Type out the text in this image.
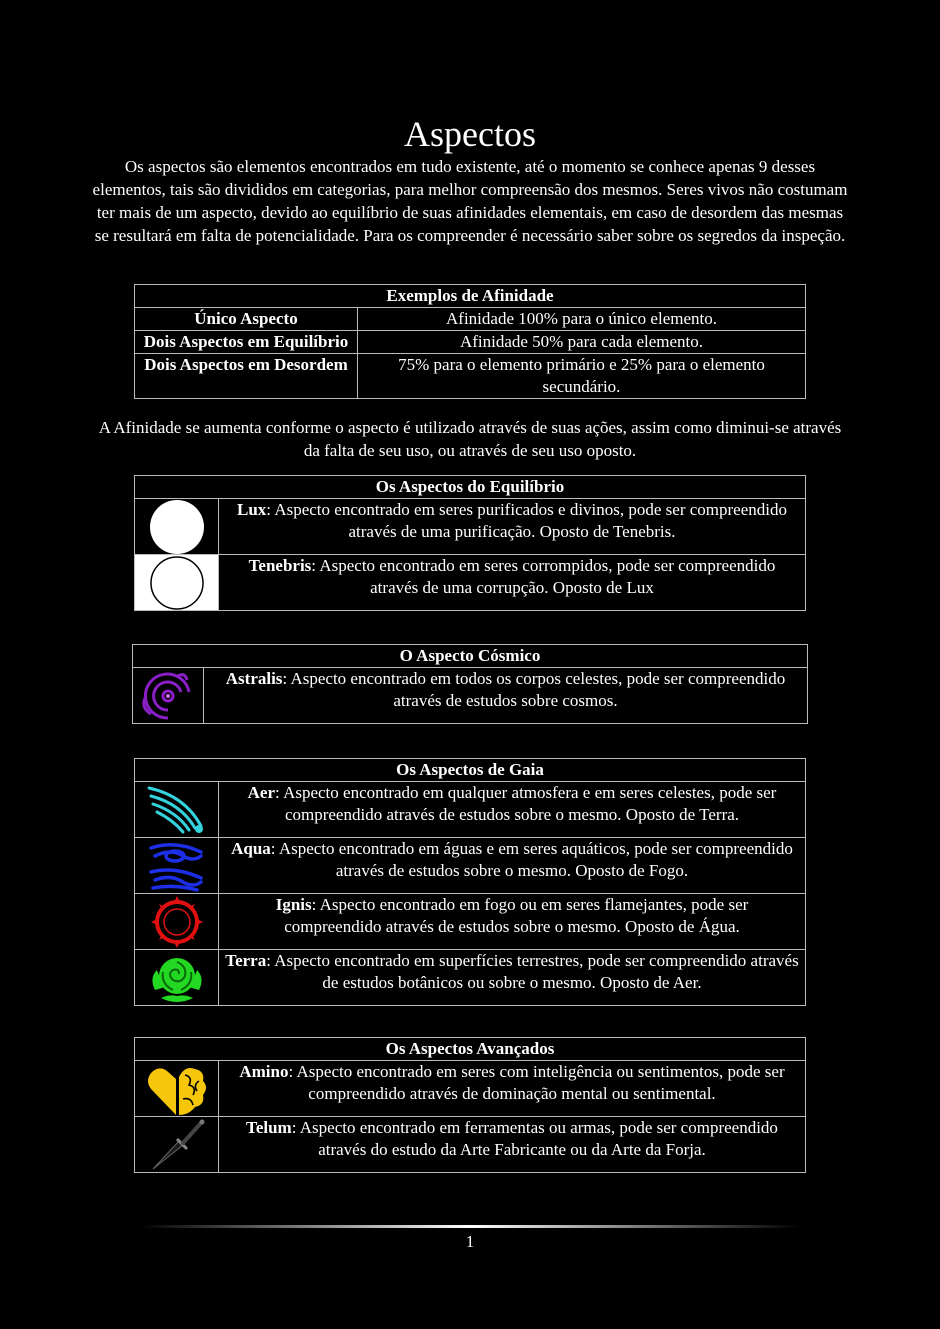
Aspectos
Os aspectos são elementos encontrados em tudo existente, até o momento se conhece apenas 9 desses elementos, tais são divididos em categorias, para melhor compreensão dos mesmos. Seres vivos não costumam ter mais de um aspecto, devido ao equilíbrio de suas afinidades elementais, em caso de desordem das mesmas se resultará em falta de potencialidade. Para os compreender é necessário saber sobre os segredos da inspeção.
Exemplos de Afinidade	
Único Aspecto	Afinidade 100% para o único elemento.
Dois Aspectos em Equilíbrio	Afinidade 50% para cada elemento.
Dois Aspectos em Desordem	75% para o elemento primário e 25% para o elemento secundário.
A Afinidade se aumenta conforme o aspecto é utilizado através de suas ações, assim como diminui-se através da falta de seu uso, ou através de seu uso oposto.
Os Aspectos do Equilíbrio	

	Lux: Aspecto encontrado em seres purificados e divinos, pode ser compreendido através de uma purificação. Oposto de Tenebris.

	Tenebris: Aspecto encontrado em seres corrompidos, pode ser compreendido através de uma corrupção. Oposto de Lux
O Aspecto Cósmico

	Astralis: Aspecto encontrado em todos os corpos celestes, pode ser compreendido através de estudos sobre cosmos.
Os Aspectos de Gaia	

	Aer: Aspecto encontrado em qualquer atmosfera e em seres celestes, pode ser compreendido através de estudos sobre o mesmo. Oposto de Terra.

	Aqua: Aspecto encontrado em águas e em seres aquáticos, pode ser compreendido através de estudos sobre o mesmo. Oposto de Fogo.

	Ignis: Aspecto encontrado em fogo ou em seres flamejantes, pode ser compreendido através de estudos sobre o mesmo. Oposto de Água.

	Terra: Aspecto encontrado em superfícies terrestres, pode ser compreendido através de estudos botânicos ou sobre o mesmo. Oposto de Aer.
Os Aspectos Avançados	

	Amino: Aspecto encontrado em seres com inteligência ou sentimentos, pode ser compreendido através de dominação mental ou sentimental.

	Telum: Aspecto encontrado em ferramentas ou armas, pode ser compreendido através do estudo da Arte Fabricante ou da Arte da Forja.
1
